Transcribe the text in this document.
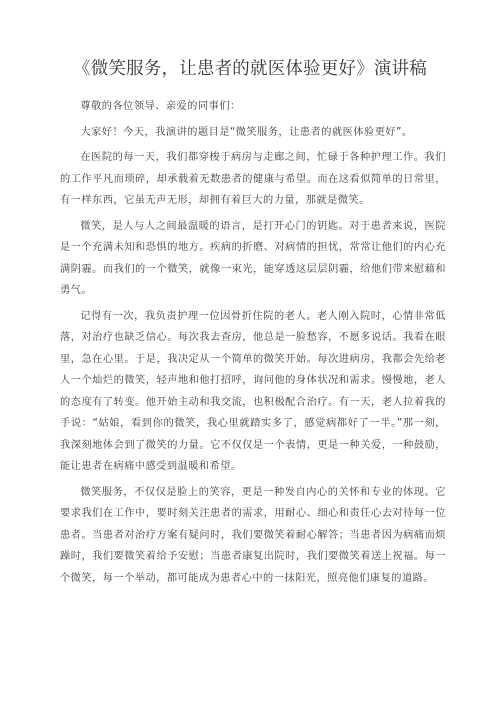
《微笑服务，让患者的就医体验更好》演讲稿

尊敬的各位领导、亲爱的同事们：

大家好！今天，我演讲的题目是“微笑服务，让患者的就医体验更好”。

在医院的每一天，我们都穿梭于病房与走廊之间，忙碌于各种护理工作。我们的工作平凡而琐碎，却承载着无数患者的健康与希望。而在这看似简单的日常里，有一样东西，它虽无声无形，却拥有着巨大的力量，那就是微笑。

微笑，是人与人之间最温暖的语言，是打开心门的钥匙。对于患者来说，医院是一个充满未知和恐惧的地方。疾病的折磨、对病情的担忧，常常让他们的内心充满阴霾。而我们的一个微笑，就像一束光，能穿透这层层阴霾，给他们带来慰藉和勇气。

记得有一次，我负责护理一位因骨折住院的老人。老人刚入院时，心情非常低落，对治疗也缺乏信心。每次我去查房，他总是一脸愁容，不愿多说话。我看在眼里，急在心里。于是，我决定从一个简单的微笑开始。每次进病房，我都会先给老人一个灿烂的微笑，轻声地和他打招呼，询问他的身体状况和需求。慢慢地，老人的态度有了转变。他开始主动和我交流，也积极配合治疗。有一天，老人拉着我的手说：“姑娘，看到你的微笑，我心里就踏实多了，感觉病都好了一半。”那一刻，我深刻地体会到了微笑的力量。它不仅仅是一个表情，更是一种关爱，一种鼓励，能让患者在病痛中感受到温暖和希望。

微笑服务，不仅仅是脸上的笑容，更是一种发自内心的关怀和专业的体现。它要求我们在工作中，要时刻关注患者的需求，用耐心、细心和责任心去对待每一位患者。当患者对治疗方案有疑问时，我们要微笑着耐心解答；当患者因为病痛而烦躁时，我们要微笑着给予安慰；当患者康复出院时，我们要微笑着送上祝福。每一个微笑，每一个举动，都可能成为患者心中的一抹阳光，照亮他们康复的道路。
